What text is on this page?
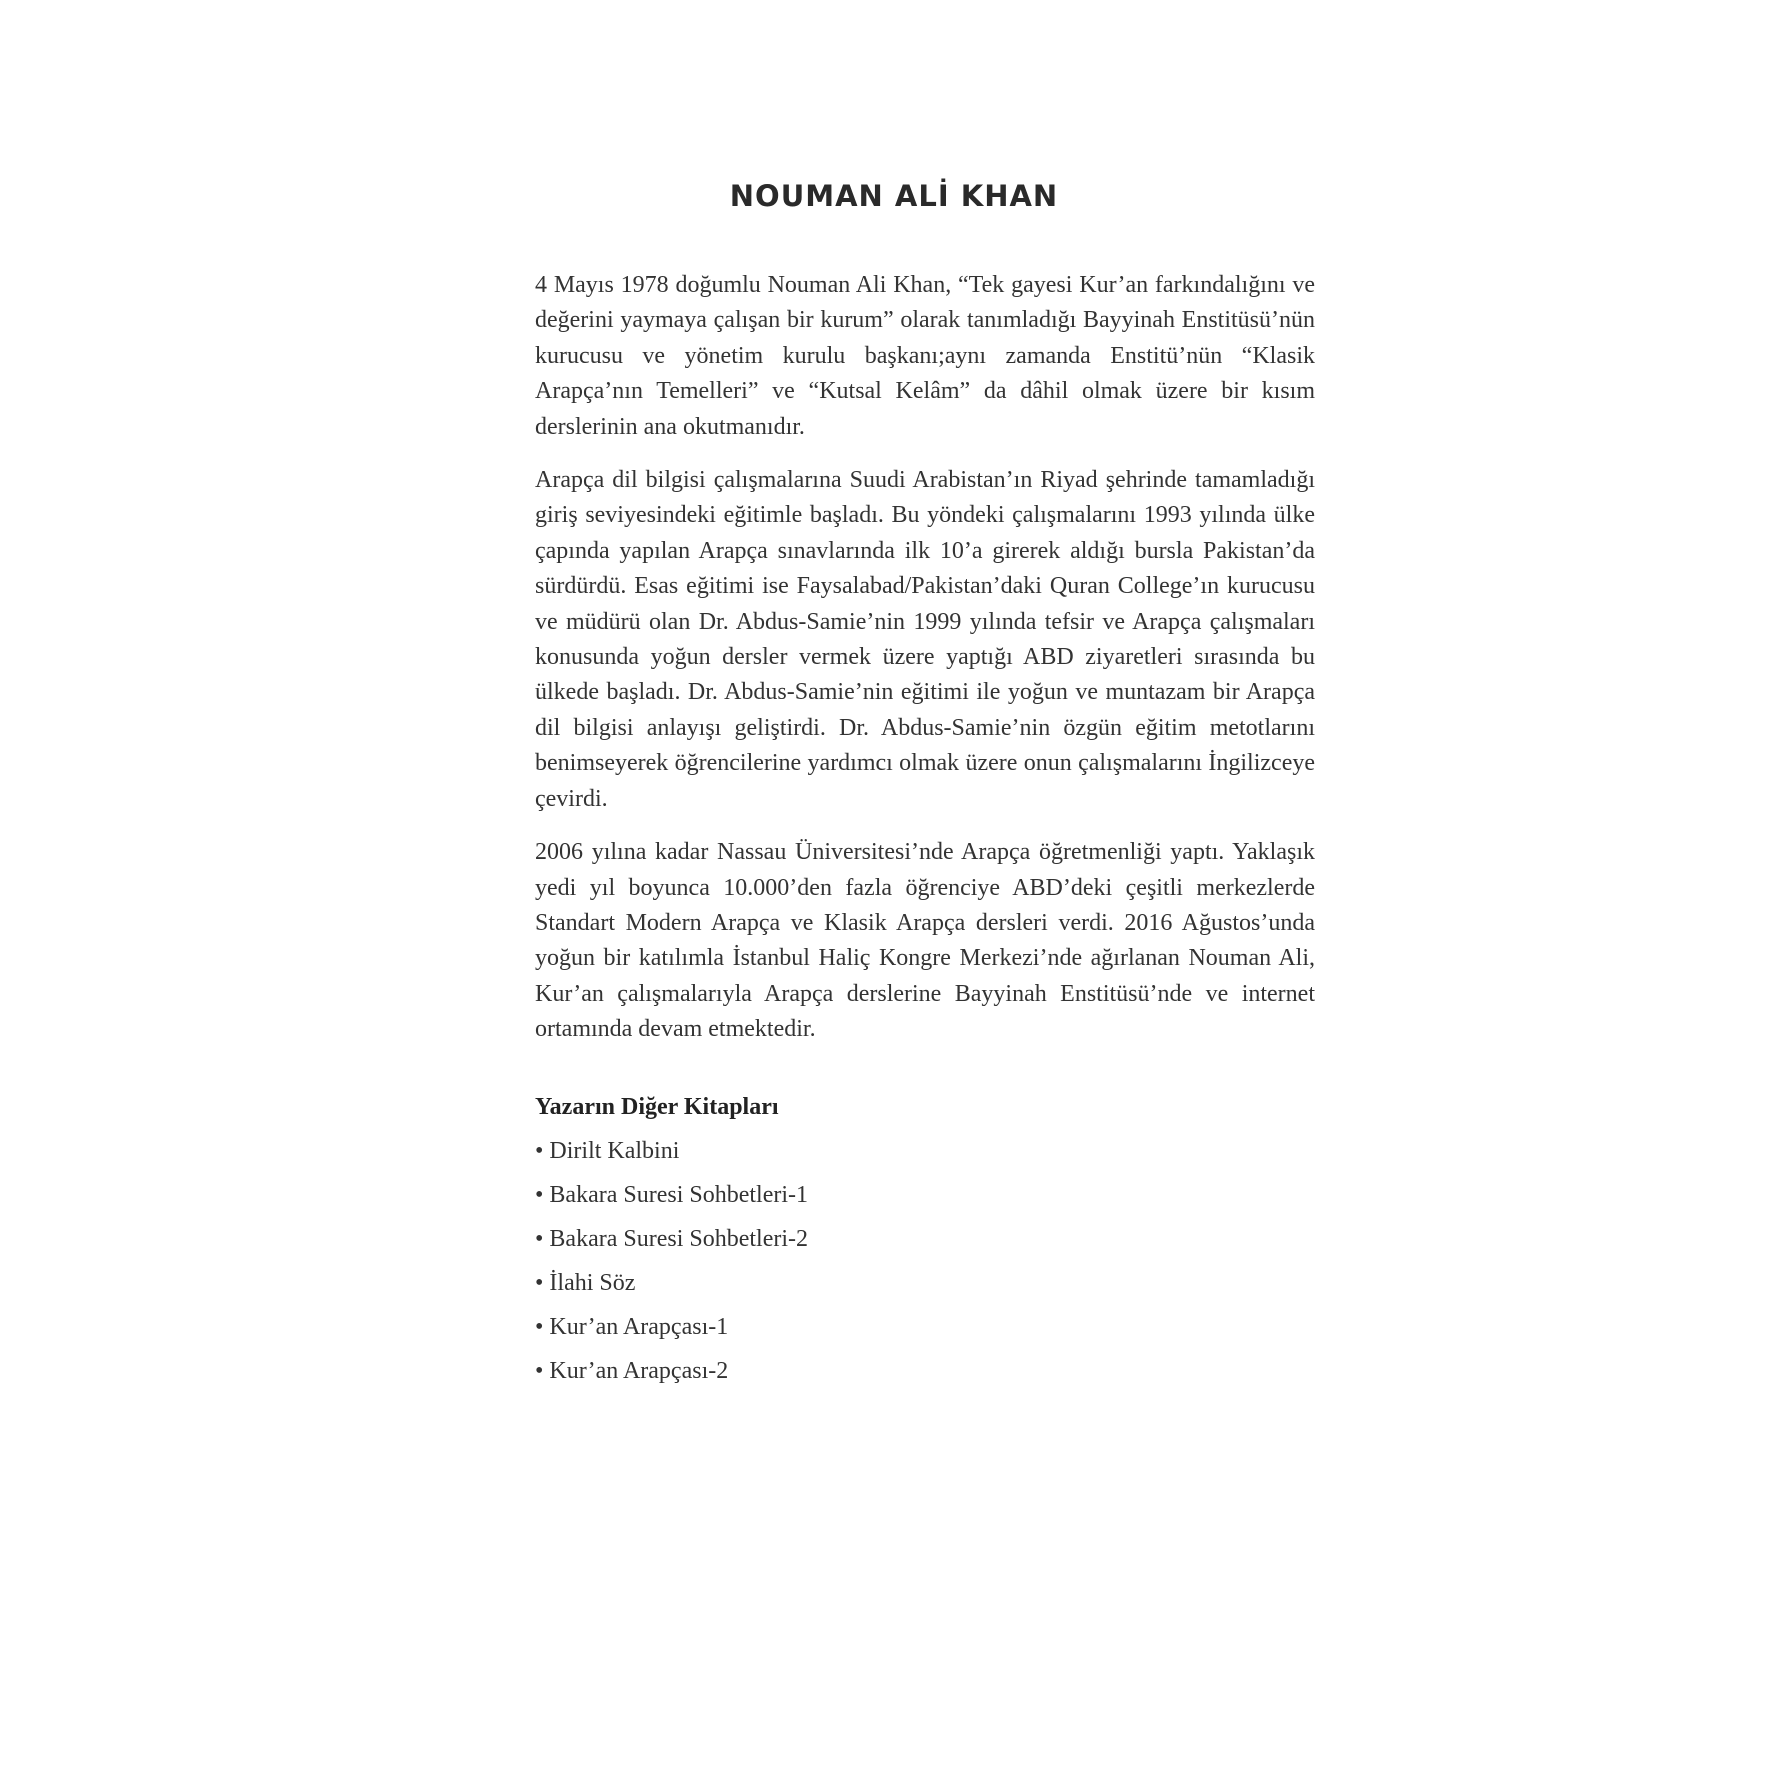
NOUMAN ALİ KHAN

4 Mayıs 1978 doğumlu Nouman Ali Khan, “Tek gayesi Kur’an farkındalığını ve değerini yaymaya çalışan bir kurum” olarak tanımladığı Bayyinah Enstitüsü’nün kurucusu ve yönetim kurulu başkanı;aynı zamanda Enstitü’nün “Klasik Arapça’nın Temelleri” ve “Kutsal Kelâm” da dâhil olmak üzere bir kısım derslerinin ana okutmanıdır.

Arapça dil bilgisi çalışmalarına Suudi Arabistan’ın Riyad şehrinde tamamladığı giriş seviyesindeki eğitimle başladı. Bu yöndeki çalışmalarını 1993 yılında ülke çapında yapılan Arapça sınavlarında ilk 10’a girerek aldığı bursla Pakistan’da sürdürdü. Esas eğitimi ise Faysalabad/Pakistan’daki Quran College’ın kurucusu ve müdürü olan Dr. Abdus-Samie’nin 1999 yılında tefsir ve Arapça çalışmaları konusunda yoğun dersler vermek üzere yaptığı ABD ziyaretleri sırasında bu ülkede başladı. Dr. Abdus-Samie’nin eğitimi ile yoğun ve muntazam bir Arapça dil bilgisi anlayışı geliştirdi. Dr. Abdus-Samie’nin özgün eğitim metotlarını benimseyerek öğrencilerine yardımcı olmak üzere onun çalışmalarını İngilizceye çevirdi.

2006 yılına kadar Nassau Üniversitesi’nde Arapça öğretmenliği yaptı. Yaklaşık yedi yıl boyunca 10.000’den fazla öğrenciye ABD’deki çeşitli merkezlerde Standart Modern Arapça ve Klasik Arapça dersleri verdi. 2016 Ağustos’unda yoğun bir katılımla İstanbul Haliç Kongre Merkezi’nde ağırlanan Nouman Ali, Kur’an çalışmalarıyla Arapça derslerine Bayyinah Enstitüsü’nde ve internet ortamında devam etmektedir.

Yazarın Diğer Kitapları
• Dirilt Kalbini
• Bakara Suresi Sohbetleri-1
• Bakara Suresi Sohbetleri-2
• İlahi Söz
• Kur’an Arapçası-1
• Kur’an Arapçası-2
